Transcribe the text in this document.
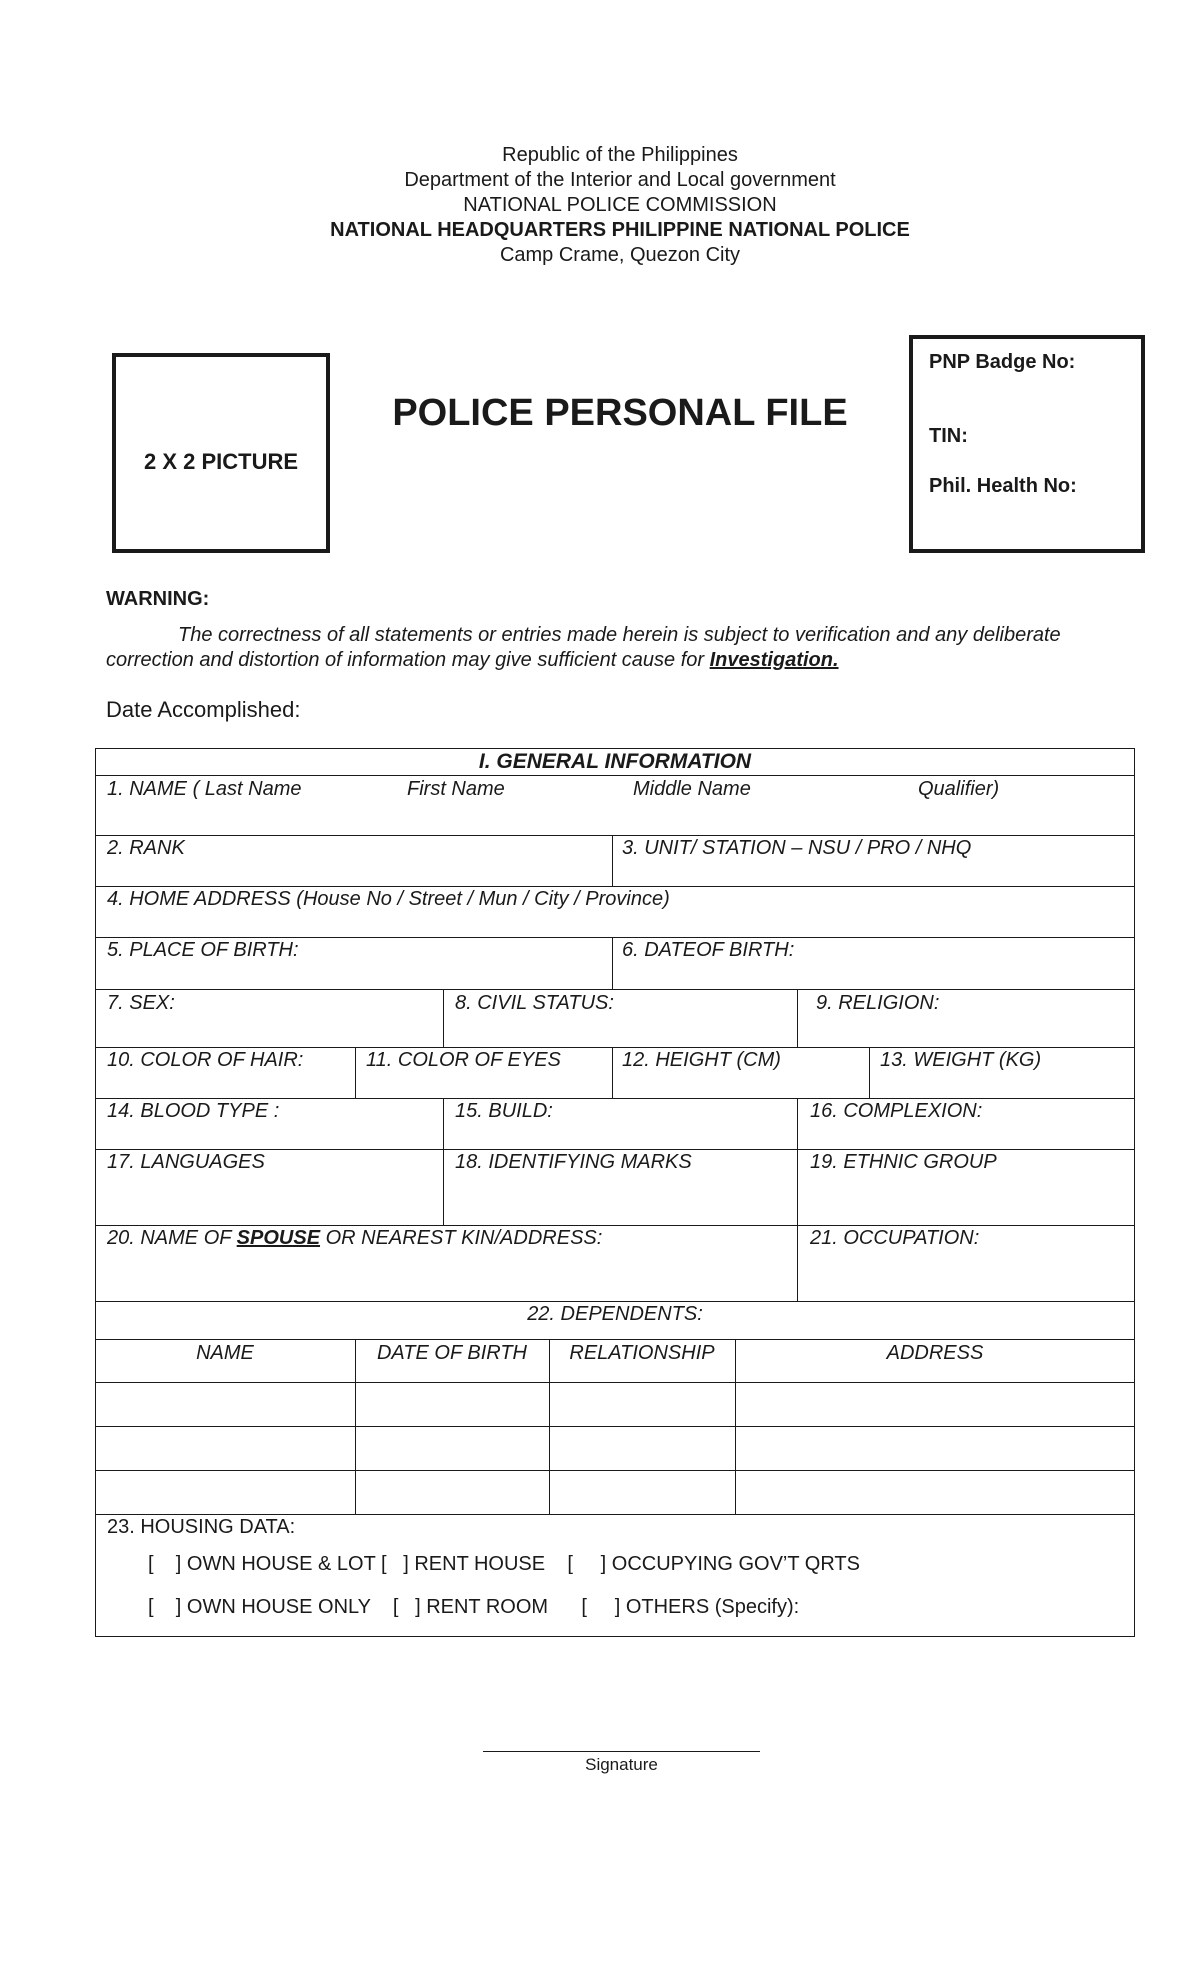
Republic of the Philippines
Department of the Interior and Local government
NATIONAL POLICE COMMISSION
NATIONAL HEADQUARTERS PHILIPPINE NATIONAL POLICE
Camp Crame, Quezon City
2 X 2 PICTURE
POLICE PERSONAL FILE
PNP Badge No:
TIN:
Phil. Health No:
WARNING:
The correctness of all statements or entries made herein is subject to verification and any deliberate
correction and distortion of information may give sufficient cause for Investigation.
Date Accomplished:
I. GENERAL INFORMATION
1. NAME ( Last Name	First Name	Middle Name	Qualifier)
2. RANK	3. UNIT/ STATION – NSU / PRO / NHQ
4. HOME ADDRESS (House No / Street / Mun / City / Province)
5. PLACE OF BIRTH:	6. DATEOF BIRTH:
7. SEX:	8. CIVIL STATUS:	9. RELIGION:
10. COLOR OF HAIR:	11. COLOR OF EYES	12. HEIGHT (CM)	13. WEIGHT (KG)
14. BLOOD TYPE :	15. BUILD:	16. COMPLEXION:
17. LANGUAGES	18. IDENTIFYING MARKS	19. ETHNIC GROUP
20. NAME OF SPOUSE OR NEAREST KIN/ADDRESS:	21. OCCUPATION:
22. DEPENDENTS:
NAME	DATE OF BIRTH	RELATIONSHIP	ADDRESS
23. HOUSING DATA:
[    ] OWN HOUSE & LOT [   ] RENT HOUSE    [     ] OCCUPYING GOV’T QRTS
[    ] OWN HOUSE ONLY    [   ] RENT ROOM      [     ] OTHERS (Specify):
Signature
